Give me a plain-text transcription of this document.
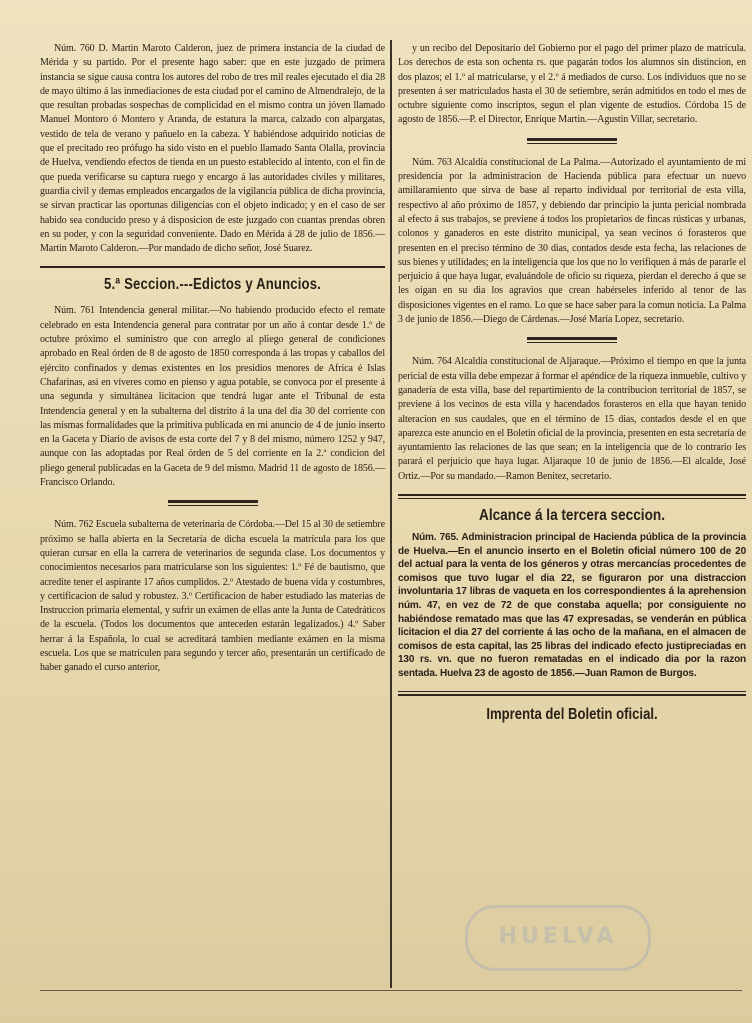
Núm. 760 D. Martin Maroto Calderon, juez de primera instancia de la ciudad de Mérida y su partido. Por el presente hago saber: que en este juzgado de primera instancia se sigue causa contra los autores del robo de tres mil reales ejecutado el dia 28 de mayo último á las inmediaciones de esta ciudad por el camino de Almendralejo, de la que resultan probadas sospechas de complicidad en el mismo contra un jóven llamado Manuel Montoro ó Montero y Aranda, de estatura la marca, calzado con alpargatas, vestido de tela de verano y pañuelo en la cabeza. Y habiéndose adquirido noticias de que el precitado reo prófugo ha sido visto en el pueblo llamado Santa Olalla, provincia de Huelva, vendiendo efectos de tienda en un puesto establecido al intento, con el fin de que pueda verificarse su captura ruego y encargo á las autoridades civiles y militares, guardia civil y demas empleados encargados de la vigilancia pública de dicha provincia, se sirvan practicar las oportunas diligencias con el objeto indicado; y en el caso de ser habido sea conducido preso y á disposicion de este juzgado con cuantas prendas obren en su poder, y con la seguridad conveniente. Dado en Mérida á 28 de julio de 1856.—Martin Maroto Calderon.—Por mandado de dicho señor, José Suarez.

5.ª Seccion.---Edictos y Anuncios.

Núm. 761 Intendencia general militar.—No habiendo producido efecto el remate celebrado en esta Intendencia general para contratar por un año á contar desde 1.º de octubre próximo el suministro que con arreglo al pliego general de condiciones aprobado en Real órden de 8 de agosto de 1850 corresponda á las tropas y caballos del ejército confinados y demas existentes en los presidios menores de Africa é Islas Chafarinas, asi en víveres como en pienso y agua potable, se convoca por el presente á una segunda y simultánea licitacion que tendrá lugar ante el Tribunal de esta Intendencia general y en la subalterna del distrito á la una del dia 30 del corriente con las mismas formalidades que la primitiva publicada en mi anuncio de 4 de junio inserto en la Gaceta y Diario de avisos de esta corte del 7 y 8 del mismo, número 1252 y 947, aunque con las adoptadas por Real órden de 5 del corriente en la 2.ª condicion del pliego general publicadas en la Gaceta de 9 del mismo. Madrid 11 de agosto de 1856.—Francisco Orlando.

Núm. 762 Escuela subalterna de veterinaria de Córdoba.—Del 15 al 30 de setiembre próximo se halla abierta en la Secretaría de dicha escuela la matrícula para los que quieran cursar en ella la carrera de veterinarios de segunda clase. Los documentos y conocimientos necesarios para matricularse son los siguientes: 1.º Fé de bautismo, que acredite tener el aspirante 17 años cumplidos. 2.º Atestado de buena vida y costumbres, y certificacion de salud y robustez. 3.º Certificacion de haber estudiado las materias de Instruccion primaria elemental, y sufrir un exámen de ellas ante la Junta de Catedráticos de la escuela. (Todos los documentos que anteceden estarán legalizados.) 4.º Saber herrar á la Española, lo cual se acreditará tambien mediante exámen en la misma escuela. Los que se matriculen para segundo y tercer año, presentarán un certificado de haber ganado el curso anterior,

y un recibo del Depositario del Gobierno por el pago del primer plazo de matrícula. Los derechos de esta son ochenta rs. que pagarán todos los alumnos sin distincion, en dos plazos; el 1.º al matricularse, y el 2.º á mediados de curso. Los individuos que no se presenten á ser matriculados hasta el 30 de setiembre, serán admitidos en todo el mes de octubre siguiente como inscriptos, segun el plan vigente de estudios. Córdoba 15 de agosto de 1856.—P. el Director, Enrique Martin.—Agustin Villar, secretario.

Núm. 763 Alcaldía constitucional de La Palma.—Autorizado el ayuntamiento de mi presidencia por la administracion de Hacienda pública para efectuar un nuevo amillaramiento que sirva de base al reparto individual por territorial de esta villa, respectivo al año próximo de 1857, y debiendo dar principio la junta pericial nombrada al efecto á sus trabajos, se previene á todos los propietarios de fincas rústicas y urbanas, colonos y ganaderos en este distrito municipal, ya sean vecinos ó forasteros que presenten en el preciso término de 30 dias, contados desde esta fecha, las relaciones de sus bienes y utilidades; en la inteligencia que los que no lo verifiquen á más de pararle el perjuicio á que haya lugar, evaluándole de oficio su riqueza, pierdan el derecho á que se les oigan en su dia los agravios que crean habérseles inferido al tenor de las disposiciones vigentes en el ramo. Lo que se hace saber para la comun noticia. La Palma 3 de junio de 1856.—Diego de Cárdenas.—José María Lopez, secretario.

Núm. 764 Alcaldía constitucional de Aljaraque.—Próximo el tiempo en que la junta pericial de esta villa debe empezar á formar el apéndice de la riqueza inmueble, cultivo y ganadería de esta villa, base del repartimiento de la contribucion territorial de 1857, se previene á los vecinos de esta villa y hacendados forasteros en ella que hayan tenido alteracion en sus caudales, que en el término de 15 dias, contados desde el en que aparezca este anuncio en el Boletin oficial de la provincia, presenten en esta secretaría de ayuntamiento las relaciones de las que sean; en la inteligencia que de lo contrario les parará el perjuicio que haya lugar. Aljaraque 10 de junio de 1856.—El alcalde, José Ortiz.—Por su mandado.—Ramon Benitez, secretario.

Alcance á la tercera seccion.

Núm. 765. Administracion principal de Hacienda pública de la provincia de Huelva.—En el anuncio inserto en el Boletin oficial número 100 de 20 del actual para la venta de los géneros y otras mercancías procedentes de comisos que tuvo lugar el dia 22, se figuraron por una distraccion involuntaria 17 libras de vaqueta en los correspondientes á la aprehension núm. 47, en vez de 72 de que constaba aquella; por consiguiente no habiéndose rematado mas que las 47 expresadas, se venderán en pública licitacion el dia 27 del corriente á las ocho de la mañana, en el almacen de comisos de esta capital, las 25 libras del indicado efecto justipreciadas en 130 rs. vn. que no fueron rematadas en el indicado dia por la razon sentada. Huelva 23 de agosto de 1856.—Juan Ramon de Burgos.

Imprenta del Boletin oficial.
HUELVA
